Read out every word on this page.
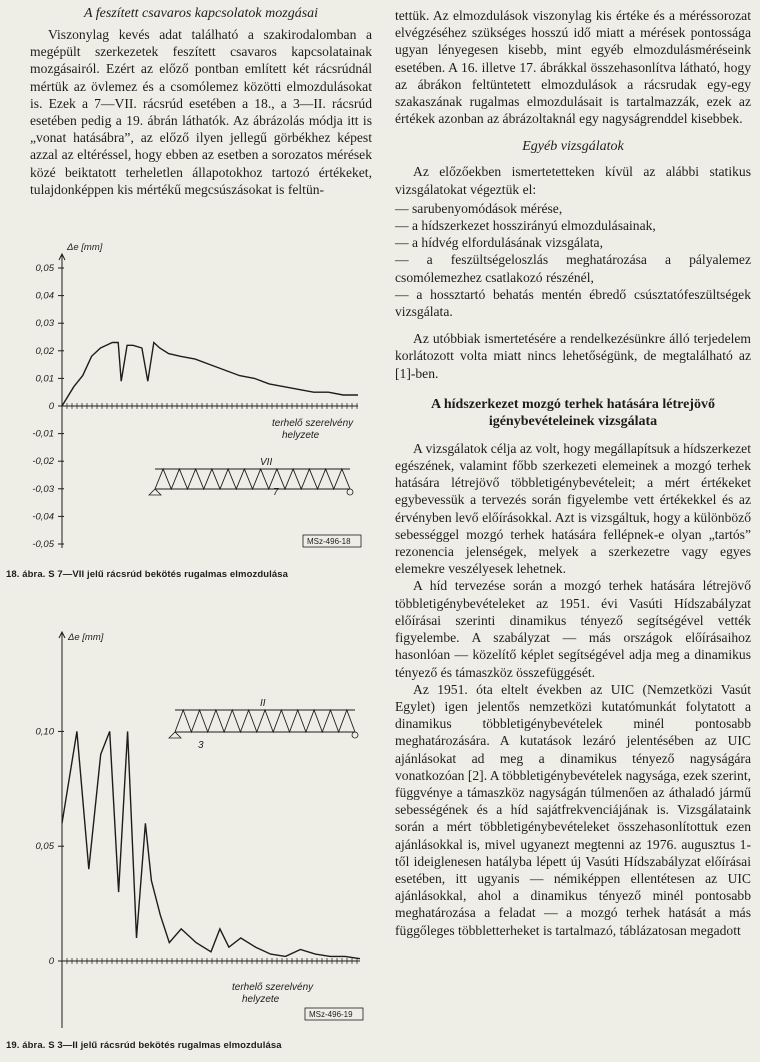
A feszített csavaros kapcsolatok mozgásai

Viszonylag kevés adat található a szakirodalomban a megépült szerkezetek feszített csavaros kapcsolatainak mozgásairól. Ezért az előző pontban említett két rácsrúdnál mértük az övlemez és a csomólemez közötti elmozdulásokat is. Ezek a 7—VII. rácsrúd esetében a 18., a 3—II. rácsrúd esetében pedig a 19. ábrán láthatók. Az ábrázolás módja itt is „vonat hatásábra”, az előző ilyen jellegű görbékhez képest azzal az eltéréssel, hogy ebben az esetben a sorozatos mérések közé beiktatott terheletlen állapotokhoz tartozó értékeket, tulajdonképpen kis mértékű megcsúszásokat is feltün-

Δe [mm]
0,05
0,04
0,03
0,02
0,01
0
-0,01
-0,02
-0,03
-0,04
-0,05
terhelő szerelvény
helyzete
VII
7
MSz-496-18
18. ábra. S 7—VII jelű rácsrúd bekötés rugalmas elmozdulása
Δe [mm]
0,10
0,05
0
terhelő szerelvény
helyzete
II
3
MSz-496-19
19. ábra. S 3—II jelű rácsrúd bekötés rugalmas elmozdulása

tettük. Az elmozdulások viszonylag kis értéke és a méréssorozat elvégzéséhez szükséges hosszú idő miatt a mérések pontossága ugyan lényegesen kisebb, mint egyéb elmozdulásméréseink esetében. A 16. illetve 17. ábrákkal összehasonlítva látható, hogy az ábrákon feltüntetett elmozdulások a rácsrudak egy-egy szakaszának rugalmas elmozdulásait is tartalmazzák, ezek az értékek azonban az ábrázoltaknál egy nagyságrenddel kisebbek.

Egyéb vizsgálatok

Az előzőekben ismertetetteken kívül az alábbi statikus vizsgálatokat végeztük el:

— sarubenyomódások mérése,
— a hídszerkezet hosszirányú elmozdulásainak,
— a hídvég elfordulásának vizsgálata,
— a feszültségeloszlás meghatározása a pályalemez csomólemezhez csatlakozó részénél,
— a hossztartó behatás mentén ébredő csúsztatófeszültségek vizsgálata.

Az utóbbiak ismertetésére a rendelkezésünkre álló terjedelem korlátozott volta miatt nincs lehetőségünk, de megtalálható az [1]-ben.

A hídszerkezet mozgó terhek hatására létrejövő igénybevételeinek vizsgálata

A vizsgálatok célja az volt, hogy megállapítsuk a hídszerkezet egészének, valamint főbb szerkezeti elemeinek a mozgó terhek hatására létrejövő többletigénybevételeit; a mért értékeket egybevessük a tervezés során figyelembe vett értékekkel és az érvényben levő előírásokkal. Azt is vizsgáltuk, hogy a különböző sebességgel mozgó terhek hatására fellépnek-e olyan „tartós” rezonencia jelenségek, melyek a szerkezetre vagy egyes elemekre veszélyesek lehetnek.

A híd tervezése során a mozgó terhek hatására létrejövő többletigénybevételeket az 1951. évi Vasúti Hídszabályzat előírásai szerinti dinamikus tényező segítségével vették figyelembe. A szabályzat — más országok előírásaihoz hasonlóan — közelítő képlet segítségével adja meg a dinamikus tényező és támaszköz összefüggését.

Az 1951. óta eltelt években az UIC (Nemzetközi Vasút Egylet) igen jelentős nemzetközi kutatómunkát folytatott a dinamikus többletigénybevételek minél pontosabb meghatározására. A kutatások lezáró jelentésében az UIC ajánlásokat ad meg a dinamikus tényező nagyságára vonatkozóan [2]. A többletigénybevételek nagysága, ezek szerint, függvénye a támaszköz nagyságán túlmenően az áthaladó jármű sebességének és a híd sajátfrekvenciájának is. Vizsgálataink során a mért többletigénybevételeket összehasonlítottuk ezen ajánlásokkal is, mivel ugyanezt megtenni az 1976. augusztus 1-től ideiglenesen hatályba lépett új Vasúti Hídszabályzat előírásai esetében, itt ugyanis — némiképpen ellentétesen az UIC ajánlásokkal, ahol a dinamikus tényező minél pontosabb meghatározása a feladat — a mozgó terhek hatását a más függőleges többletterheket is tartalmazó, táblázatosan megadott
